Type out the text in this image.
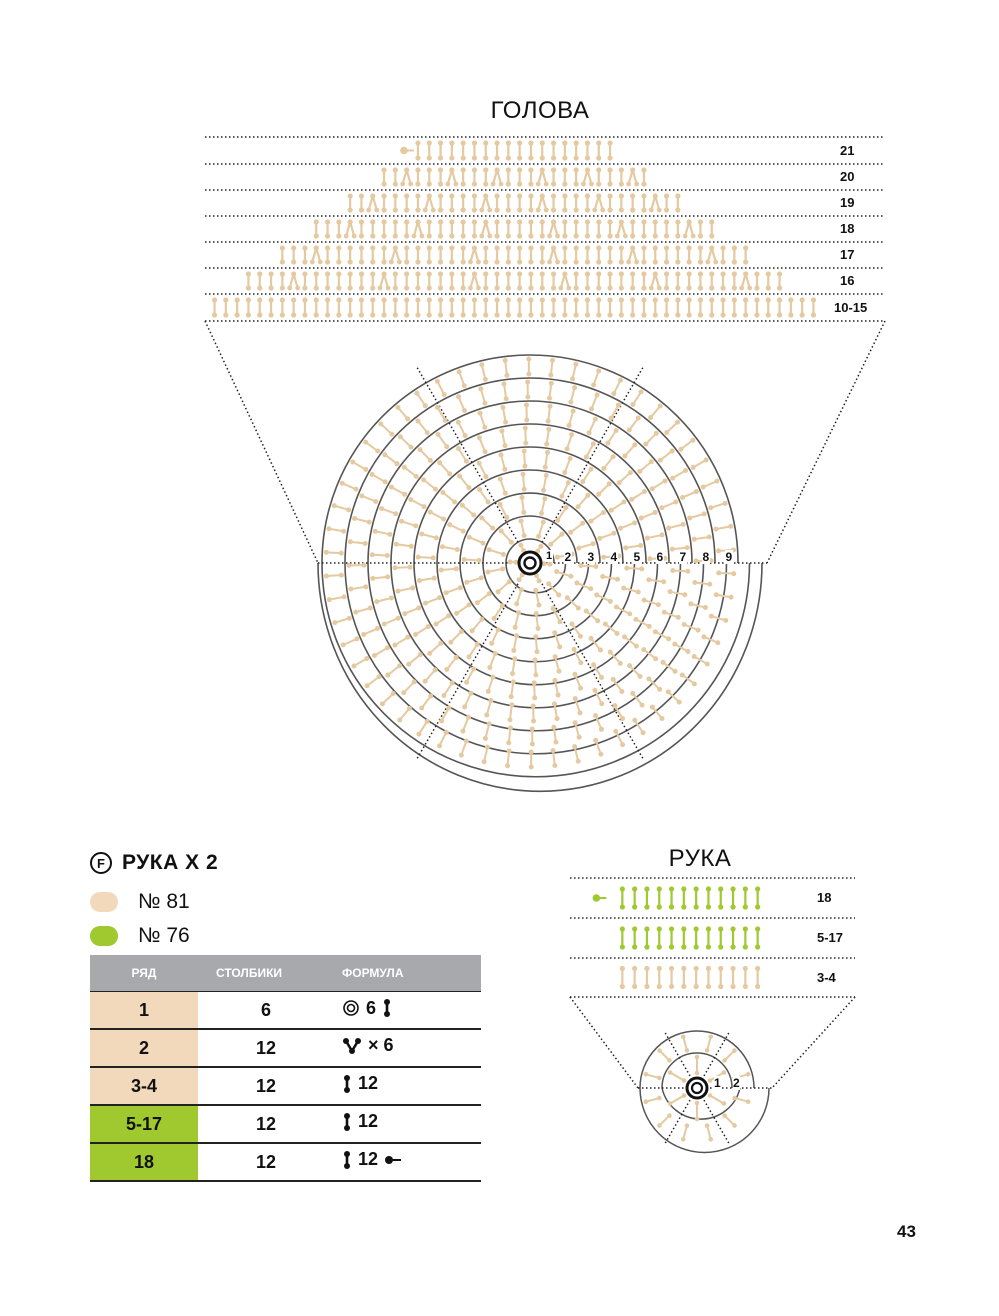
ГОЛОВА
21
20
19
18
17
16
10-15
1 2 3 4 5 6 7 8 9
F РУКА Х 2
№ 81
№ 76
РЯД	СТОЛБИКИ	ФОРМУЛА
1	6	6

2	12	× 6

3-4	12	12

5-17	12	12

18	12	12
РУКА
18
5-17
3-4
1 2
43
